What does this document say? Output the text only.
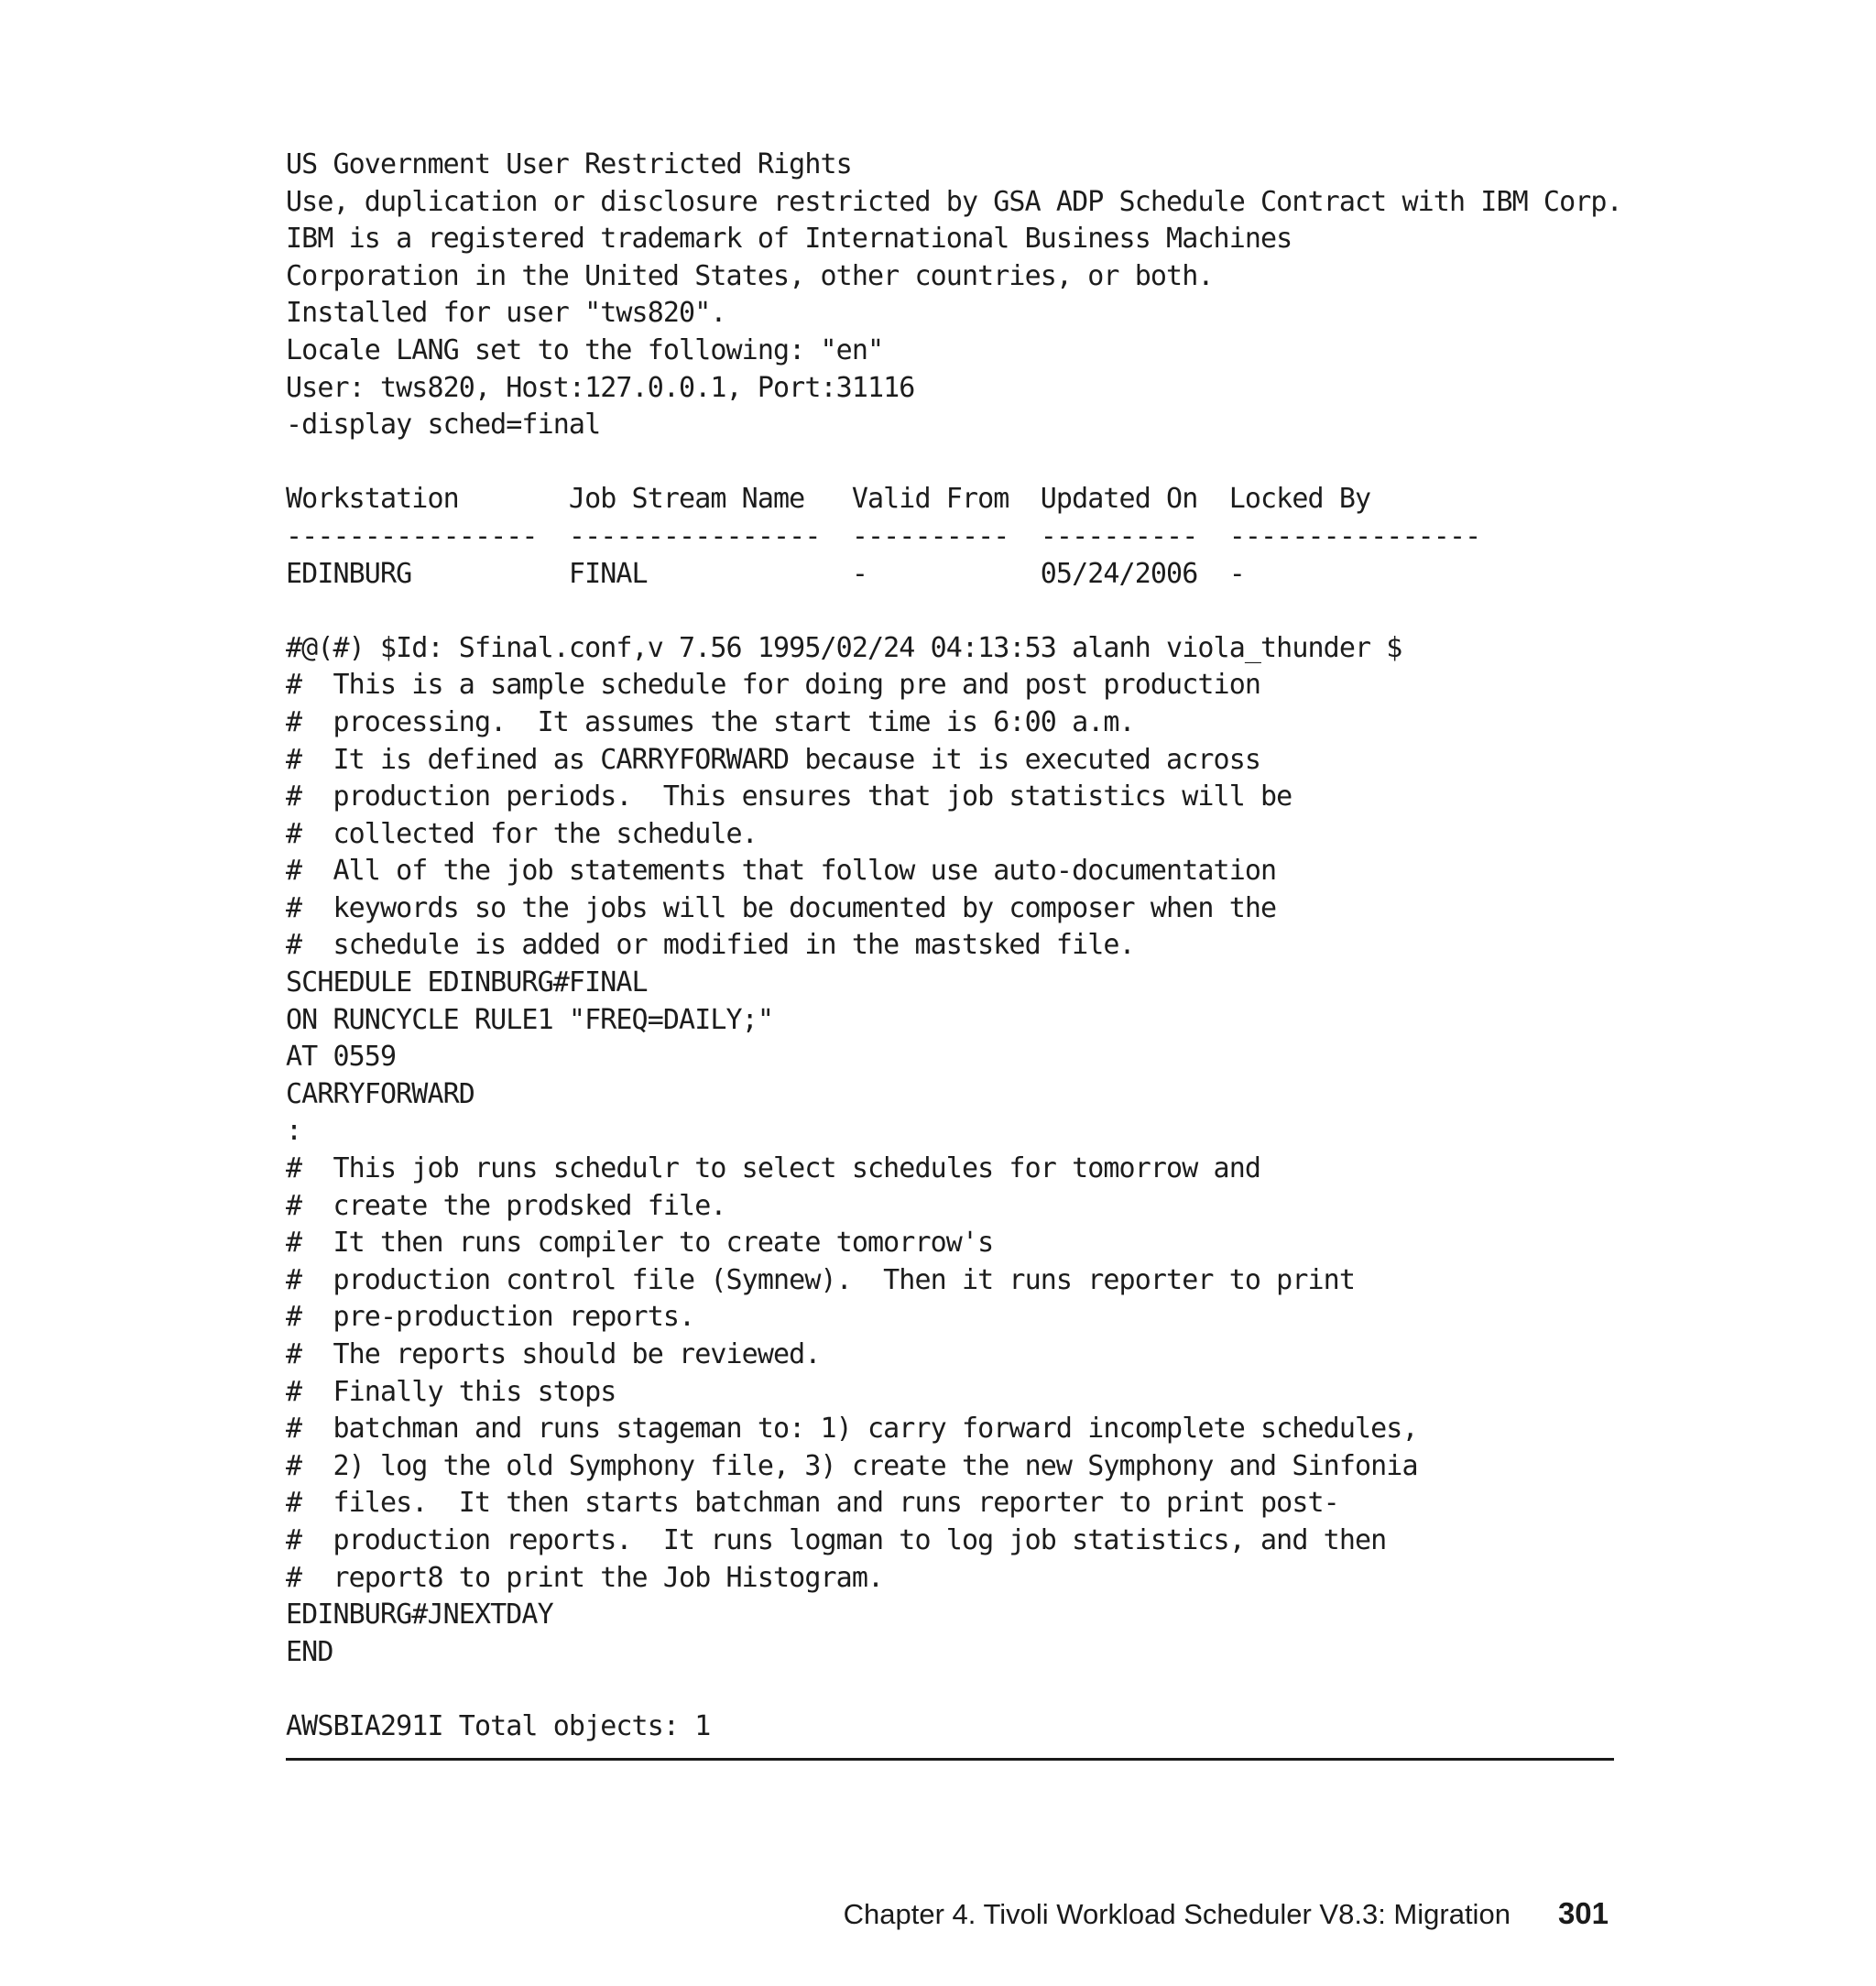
US Government User Restricted Rights
Use, duplication or disclosure restricted by GSA ADP Schedule Contract with IBM Corp.
IBM is a registered trademark of International Business Machines
Corporation in the United States, other countries, or both.
Installed for user "tws820".
Locale LANG set to the following: "en"
User: tws820, Host:127.0.0.1, Port:31116
-display sched=final
Workstation       Job Stream Name   Valid From  Updated On  Locked By
----------------  ----------------  ----------  ----------  ----------------
EDINBURG          FINAL             -           05/24/2006  -
#@(#) $Id: Sfinal.conf,v 7.56 1995/02/24 04:13:53 alanh viola_thunder $
#  This is a sample schedule for doing pre and post production
#  processing.  It assumes the start time is 6:00 a.m.
#  It is defined as CARRYFORWARD because it is executed across
#  production periods.  This ensures that job statistics will be
#  collected for the schedule.
#  All of the job statements that follow use auto-documentation
#  keywords so the jobs will be documented by composer when the
#  schedule is added or modified in the mastsked file.
SCHEDULE EDINBURG#FINAL
ON RUNCYCLE RULE1 "FREQ=DAILY;"
AT 0559
CARRYFORWARD
:
#  This job runs schedulr to select schedules for tomorrow and
#  create the prodsked file.
#  It then runs compiler to create tomorrow's
#  production control file (Symnew).  Then it runs reporter to print
#  pre-production reports.
#  The reports should be reviewed.
#  Finally this stops
#  batchman and runs stageman to: 1) carry forward incomplete schedules,
#  2) log the old Symphony file, 3) create the new Symphony and Sinfonia
#  files.  It then starts batchman and runs reporter to print post-
#  production reports.  It runs logman to log job statistics, and then
#  report8 to print the Job Histogram.
EDINBURG#JNEXTDAY
END
AWSBIA291I Total objects: 1
Chapter 4. Tivoli Workload Scheduler V8.3: Migration 301
